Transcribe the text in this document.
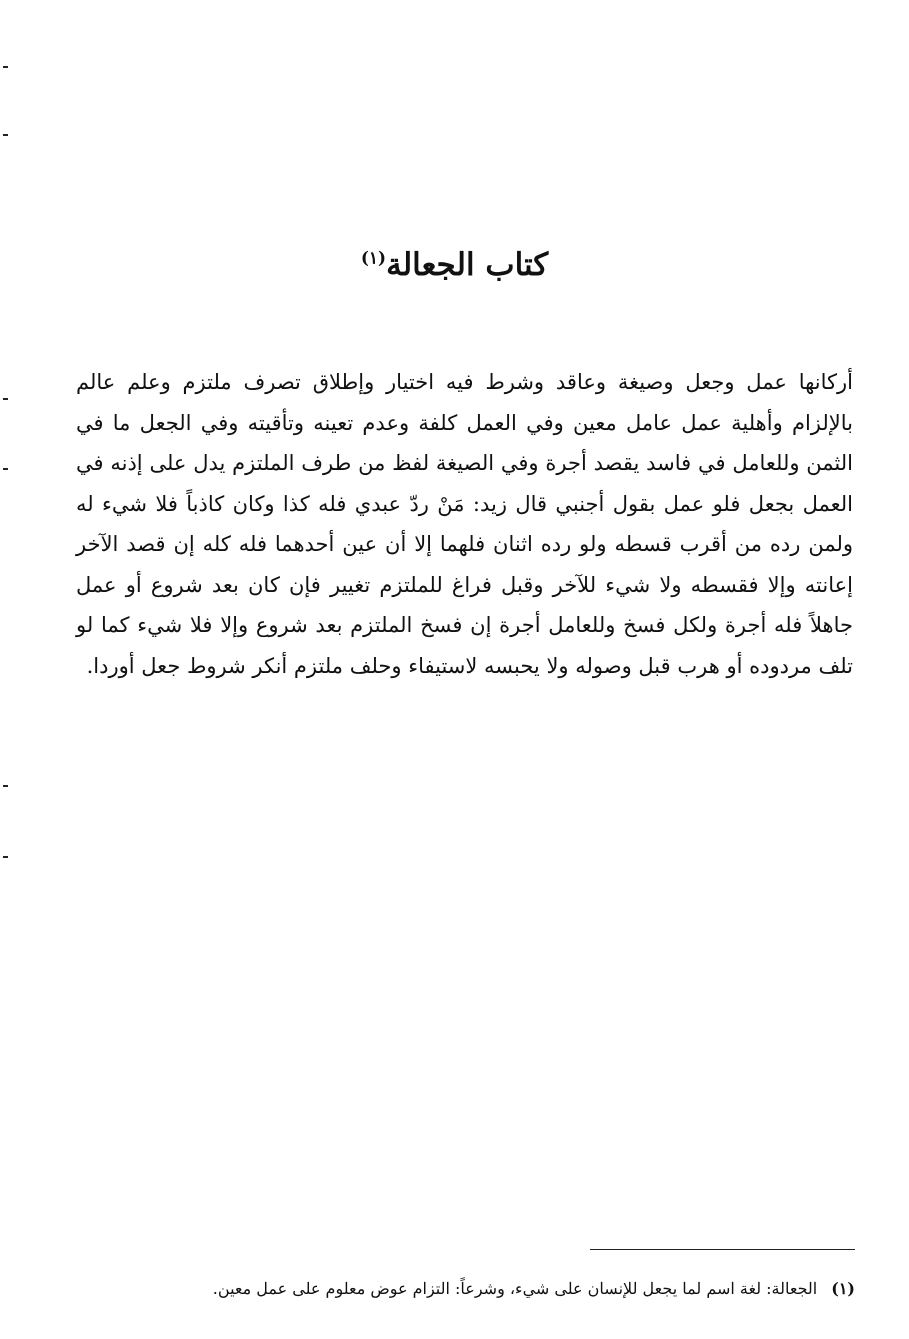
كتاب الجعالة$^{(١)}$

أركانها عمل وجعل وصيغة وعاقد وشرط فيه اختيار وإطلاق تصرف ملتزم وعلم عالم بالإلزام وأهلية عمل عامل معين وفي العمل كلفة وعدم تعينه وتأقيته وفي الجعل ما في الثمن وللعامل في فاسد يقصد أجرة وفي الصيغة لفظ من طرف الملتزم يدل على إذنه في العمل بجعل فلو عمل بقول أجنبي قال زيد: مَنْ ردّ عبدي فله كذا وكان كاذباً فلا شيء له ولمن رده من أقرب قسطه ولو رده اثنان فلهما إلا أن عين أحدهما فله كله إن قصد الآخر إعانته وإلا فقسطه ولا شيء للآخر وقبل فراغ للملتزم تغيير فإن كان بعد شروع أو عمل جاهلاً فله أجرة ولكل فسخ وللعامل أجرة إن فسخ الملتزم بعد شروع وإلا فلا شيء كما لو تلف مردوده أو هرب قبل وصوله ولا يحبسه لاستيفاء وحلف ملتزم أنكر شروط جعل أوردا.

(١)الجعالة: لغة اسم لما يجعل للإنسان على شيء، وشرعاً: التزام عوض معلوم على عمل معين.
